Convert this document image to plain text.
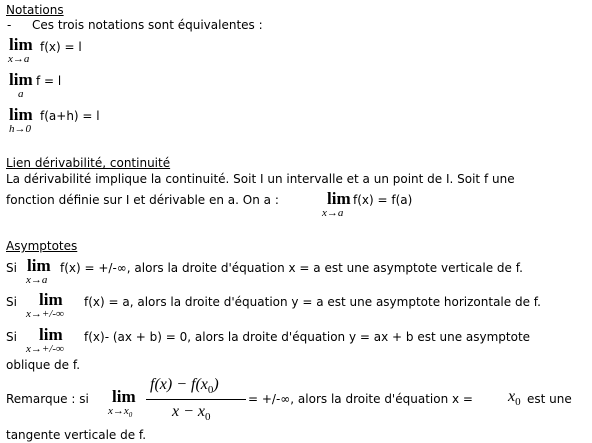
Notations
- Ces trois notations sont équivalentes :
lim
x→a
f(x) = l
lim
a
f = l
lim
h→0
f(a+h) = l
Lien dérivabilité, continuité
La dérivabilité implique la continuité. Soit I un intervalle et a un point de I. Soit f une
fonction définie sur I et dérivable en a. On a :	lim
x→a
f(x) = f(a)
Asymptotes
Si lim
x→a
f(x) = +/-∞, alors la droite d'équation x = a est une asymptote verticale de f.
Si lim
x→+/-∞
f(x) = a, alors la droite d'équation y = a est une asymptote horizontale de f.
Si lim
x→+/-∞
f(x)- (ax + b) = 0, alors la droite d'équation y = ax + b est une asymptote
oblique de f.
Remarque : si lim
$x\to x_0$
$f(x) - f(x_0)$
$x - x_0$
= +/-∞, alors la droite d'équation $x = x_0$ est une
tangente verticale de f.
